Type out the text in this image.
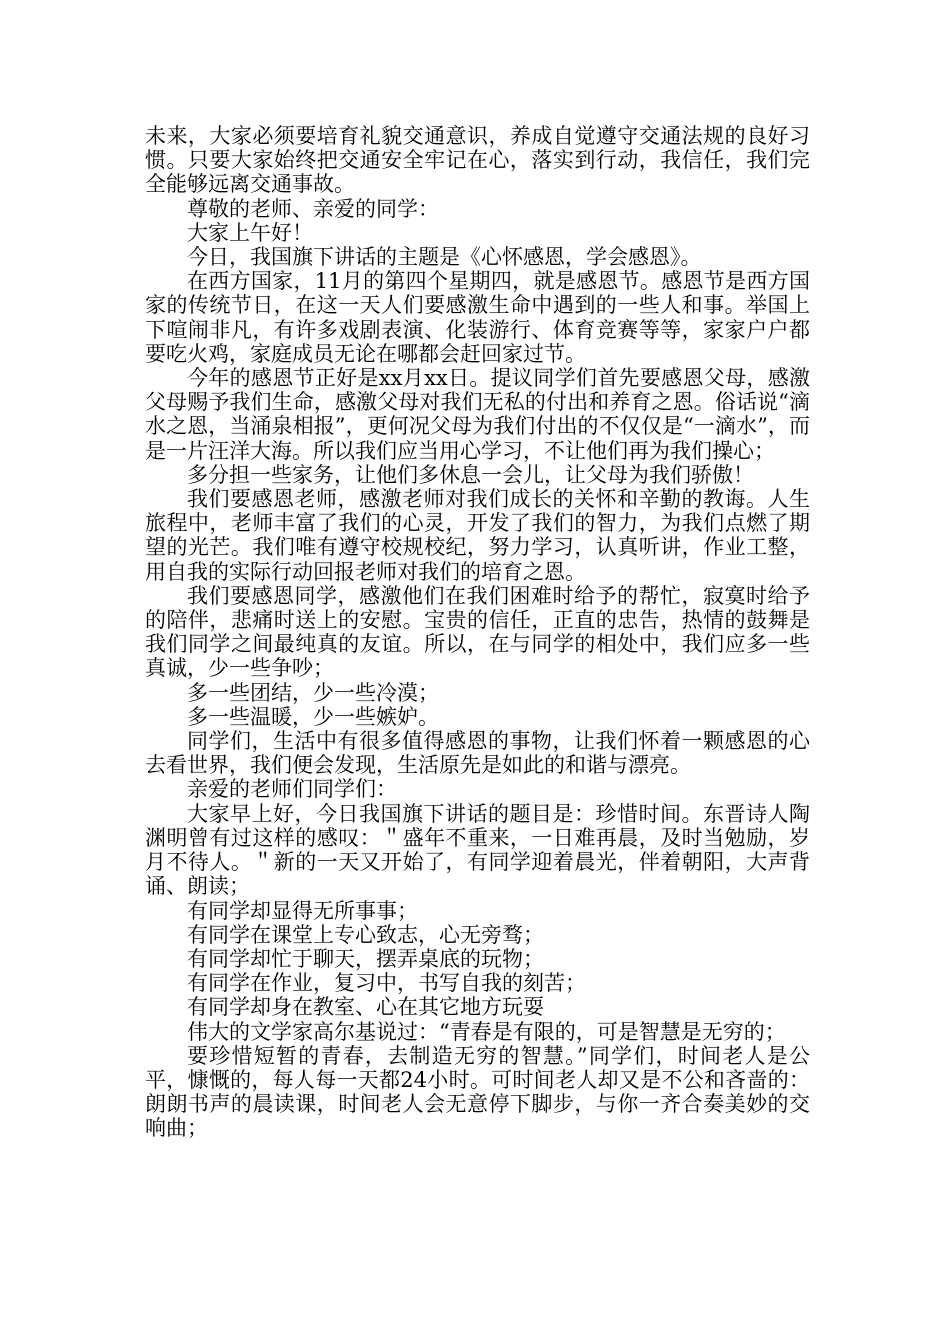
未来，大家必须要培育礼貌交通意识，养成自觉遵守交通法规的良好习惯。只要大家始终把交通安全牢记在心，落实到行动，我信任，我们完全能够远离交通事故。

尊敬的老师、亲爱的同学：

大家上午好！

今日，我国旗下讲话的主题是《心怀感恩，学会感恩》。

在西方国家，11月的第四个星期四，就是感恩节。感恩节是西方国家的传统节日，在这一天人们要感激生命中遇到的一些人和事。举国上下喧闹非凡，有许多戏剧表演、化装游行、体育竞赛等等，家家户户都要吃火鸡，家庭成员无论在哪都会赶回家过节。

今年的感恩节正好是xx月xx日。提议同学们首先要感恩父母，感激父母赐予我们生命，感激父母对我们无私的付出和养育之恩。俗话说“滴水之恩，当涌泉相报”，更何况父母为我们付出的不仅仅是“一滴水”，而是一片汪洋大海。所以我们应当用心学习，不让他们再为我们操心；

多分担一些家务，让他们多休息一会儿，让父母为我们骄傲！

我们要感恩老师，感激老师对我们成长的关怀和辛勤的教诲。人生旅程中，老师丰富了我们的心灵，开发了我们的智力，为我们点燃了期望的光芒。我们唯有遵守校规校纪，努力学习，认真听讲，作业工整，用自我的实际行动回报老师对我们的培育之恩。

我们要感恩同学，感激他们在我们困难时给予的帮忙，寂寞时给予的陪伴，悲痛时送上的安慰。宝贵的信任，正直的忠告，热情的鼓舞是我们同学之间最纯真的友谊。所以，在与同学的相处中，我们应多一些真诚，少一些争吵；

多一些团结，少一些冷漠；

多一些温暖，少一些嫉妒。

同学们，生活中有很多值得感恩的事物，让我们怀着一颗感恩的心去看世界，我们便会发现，生活原先是如此的和谐与漂亮。

亲爱的老师们同学们：

大家早上好，今日我国旗下讲话的题目是：珍惜时间。东晋诗人陶渊明曾有过这样的感叹：＂盛年不重来，一日难再晨，及时当勉励，岁月不待人。＂新的一天又开始了，有同学迎着晨光，伴着朝阳，大声背诵、朗读；

有同学却显得无所事事；

有同学在课堂上专心致志，心无旁骛；

有同学却忙于聊天，摆弄桌底的玩物；

有同学在作业，复习中，书写自我的刻苦；

有同学却身在教室、心在其它地方玩耍

伟大的文学家高尔基说过：“青春是有限的，可是智慧是无穷的；

要珍惜短暂的青春，去制造无穷的智慧。”同学们，时间老人是公平，慷慨的，每人每一天都24小时。可时间老人却又是不公和吝啬的：朗朗书声的晨读课，时间老人会无意停下脚步，与你一齐合奏美妙的交响曲；
